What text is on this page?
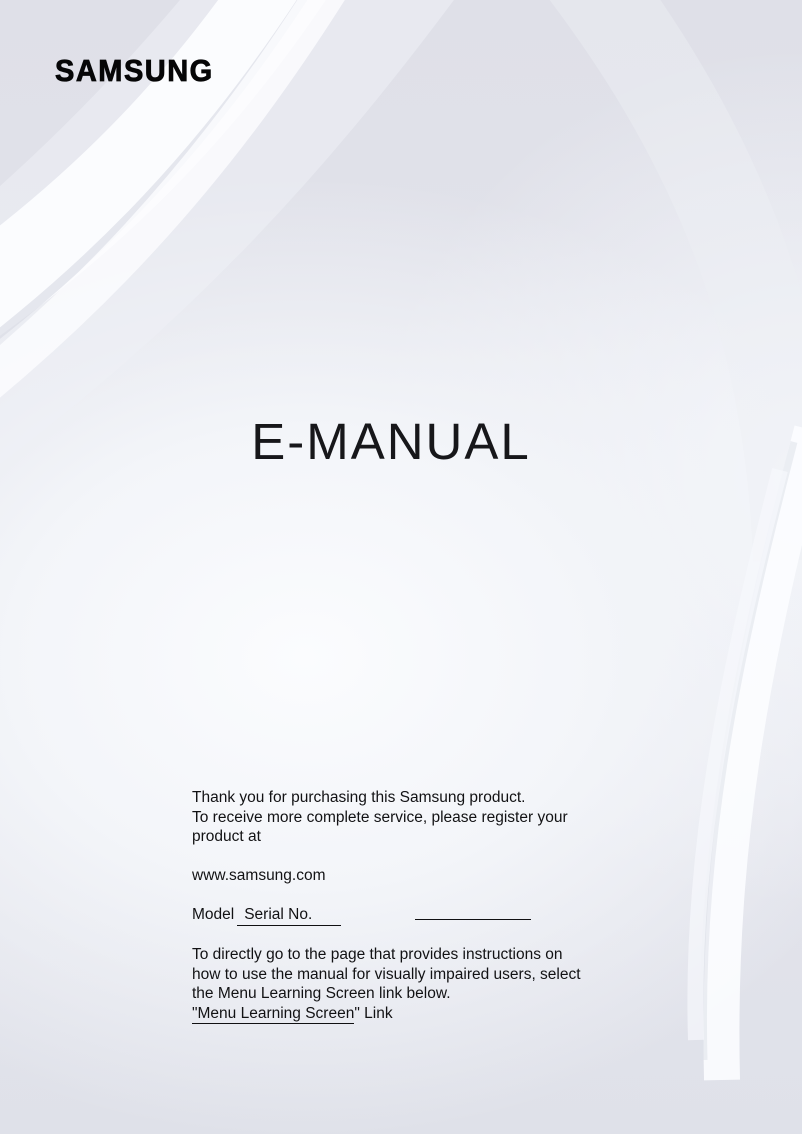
SAMSUNG
E-MANUAL
Thank you for purchasing this Samsung product.
To receive more complete service, please register your
product at
www.samsung.com
Model Serial No.
To directly go to the page that provides instructions on
how to use the manual for visually impaired users, select
the Menu Learning Screen link below.
"Menu Learning Screen" Link
